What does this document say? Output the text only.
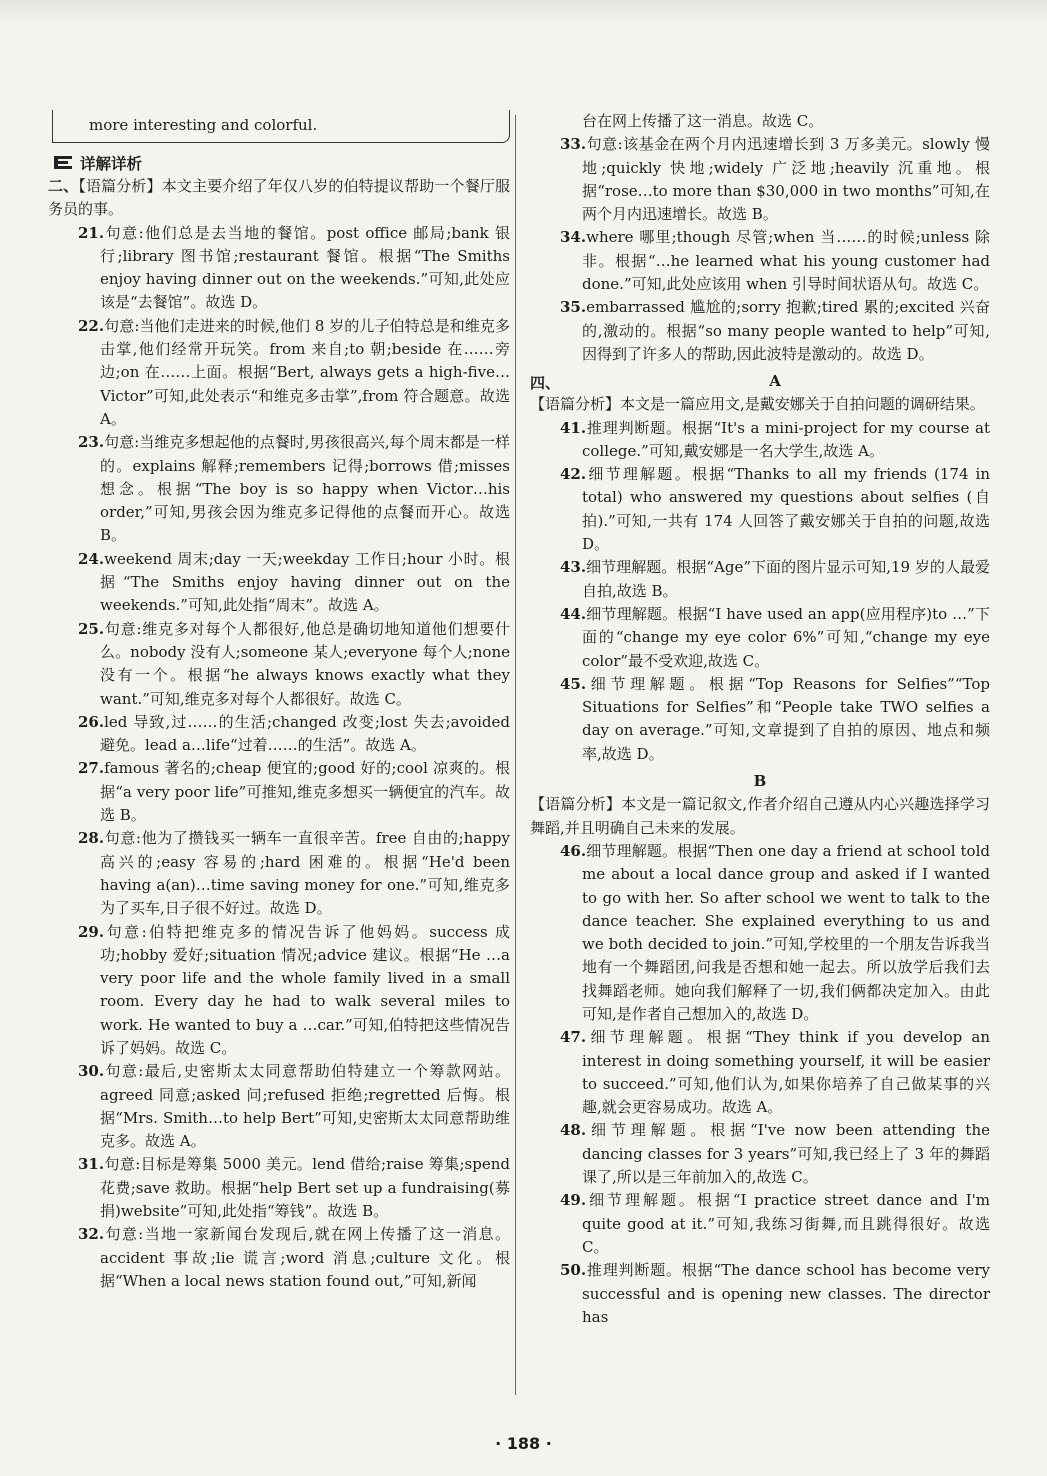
more interesting and colorful.
详解详析

二、【语篇分析】本文主要介绍了年仅八岁的伯特提议帮助一个餐厅服务员的事。

21.句意:他们总是去当地的餐馆。post office 邮局;bank 银行;library 图书馆;restaurant 餐馆。根据“The Smiths enjoy having dinner out on the weekends.”可知,此处应该是“去餐馆”。故选 D。

22.句意:当他们走进来的时候,他们 8 岁的儿子伯特总是和维克多击掌,他们经常开玩笑。from 来自;to 朝;beside 在……旁边;on 在……上面。根据“Bert, always gets a high-five…Victor”可知,此处表示“和维克多击掌”,from 符合题意。故选 A。

23.句意:当维克多想起他的点餐时,男孩很高兴,每个周末都是一样的。explains 解释;remembers 记得;borrows 借;misses 想念。根据“The boy is so happy when Victor…his order,”可知,男孩会因为维克多记得他的点餐而开心。故选 B。

24.weekend 周末;day 一天;weekday 工作日;hour 小时。根据“The Smiths enjoy having dinner out on the weekends.”可知,此处指“周末”。故选 A。

25.句意:维克多对每个人都很好,他总是确切地知道他们想要什么。nobody 没有人;someone 某人;everyone 每个人;none 没有一个。根据“he always knows exactly what they want.”可知,维克多对每个人都很好。故选 C。

26.led 导致,过……的生活;changed 改变;lost 失去;avoided 避免。lead a…life“过着……的生活”。故选 A。

27.famous 著名的;cheap 便宜的;good 好的;cool 凉爽的。根据“a very poor life”可推知,维克多想买一辆便宜的汽车。故选 B。

28.句意:他为了攒钱买一辆车一直很辛苦。free 自由的;happy 高兴的;easy 容易的;hard 困难的。根据“He'd been having a(an)…time saving money for one.”可知,维克多为了买车,日子很不好过。故选 D。

29.句意:伯特把维克多的情况告诉了他妈妈。success 成功;hobby 爱好;situation 情况;advice 建议。根据“He …a very poor life and the whole family lived in a small room. Every day he had to walk several miles to work. He wanted to buy a …car.”可知,伯特把这些情况告诉了妈妈。故选 C。

30.句意:最后,史密斯太太同意帮助伯特建立一个筹款网站。agreed 同意;asked 问;refused 拒绝;regretted 后悔。根据“Mrs. Smith…to help Bert”可知,史密斯太太同意帮助维克多。故选 A。

31.句意:目标是筹集 5000 美元。lend 借给;raise 筹集;spend 花费;save 救助。根据“help Bert set up a fundraising(募捐)website”可知,此处指“筹钱”。故选 B。

32.句意:当地一家新闻台发现后,就在网上传播了这一消息。accident 事故;lie 谎言;word 消息;culture 文化。根据“When a local news station found out,”可知,新闻

台在网上传播了这一消息。故选 C。

33.句意:该基金在两个月内迅速增长到 3 万多美元。slowly 慢地;quickly 快地;widely 广泛地;heavily 沉重地。根据“rose…to more than $30,000 in two months”可知,在两个月内迅速增长。故选 B。

34.where 哪里;though 尽管;when 当……的时候;unless 除非。根据“…he learned what his young customer had done.”可知,此处应该用 when 引导时间状语从句。故选 C。

35.embarrassed 尴尬的;sorry 抱歉;tired 累的;excited 兴奋的,激动的。根据“so many people wanted to help”可知,因得到了许多人的帮助,因此波特是激动的。故选 D。

四、	A

【语篇分析】本文是一篇应用文,是戴安娜关于自拍问题的调研结果。

41.推理判断题。根据“It's a mini-project for my course at college.”可知,戴安娜是一名大学生,故选 A。

42.细节理解题。根据“Thanks to all my friends (174 in total) who answered my questions about selfies (自拍).”可知,一共有 174 人回答了戴安娜关于自拍的问题,故选 D。

43.细节理解题。根据“Age”下面的图片显示可知,19 岁的人最爱自拍,故选 B。

44.细节理解题。根据“I have used an app(应用程序)to …”下面的“change my eye color 6%”可知,“change my eye color”最不受欢迎,故选 C。

45.细节理解题。根据“Top Reasons for Selfies”“Top Situations for Selfies”和“People take TWO selfies a day on average.”可知,文章提到了自拍的原因、地点和频率,故选 D。

B

【语篇分析】本文是一篇记叙文,作者介绍自己遵从内心兴趣选择学习舞蹈,并且明确自己未来的发展。

46.细节理解题。根据“Then one day a friend at school told me about a local dance group and asked if I wanted to go with her. So after school we went to talk to the dance teacher. She explained everything to us and we both decided to join.”可知,学校里的一个朋友告诉我当地有一个舞蹈团,问我是否想和她一起去。所以放学后我们去找舞蹈老师。她向我们解释了一切,我们俩都决定加入。由此可知,是作者自己想加入的,故选 D。

47.细节理解题。根据“They think if you develop an interest in doing something yourself, it will be easier to succeed.”可知,他们认为,如果你培养了自己做某事的兴趣,就会更容易成功。故选 A。

48.细节理解题。根据“I've now been attending the dancing classes for 3 years”可知,我已经上了 3 年的舞蹈课了,所以是三年前加入的,故选 C。

49.细节理解题。根据“I practice street dance and I'm quite good at it.”可知,我练习街舞,而且跳得很好。故选 C。

50.推理判断题。根据“The dance school has become very successful and is opening new classes. The director has

· 188 ·
